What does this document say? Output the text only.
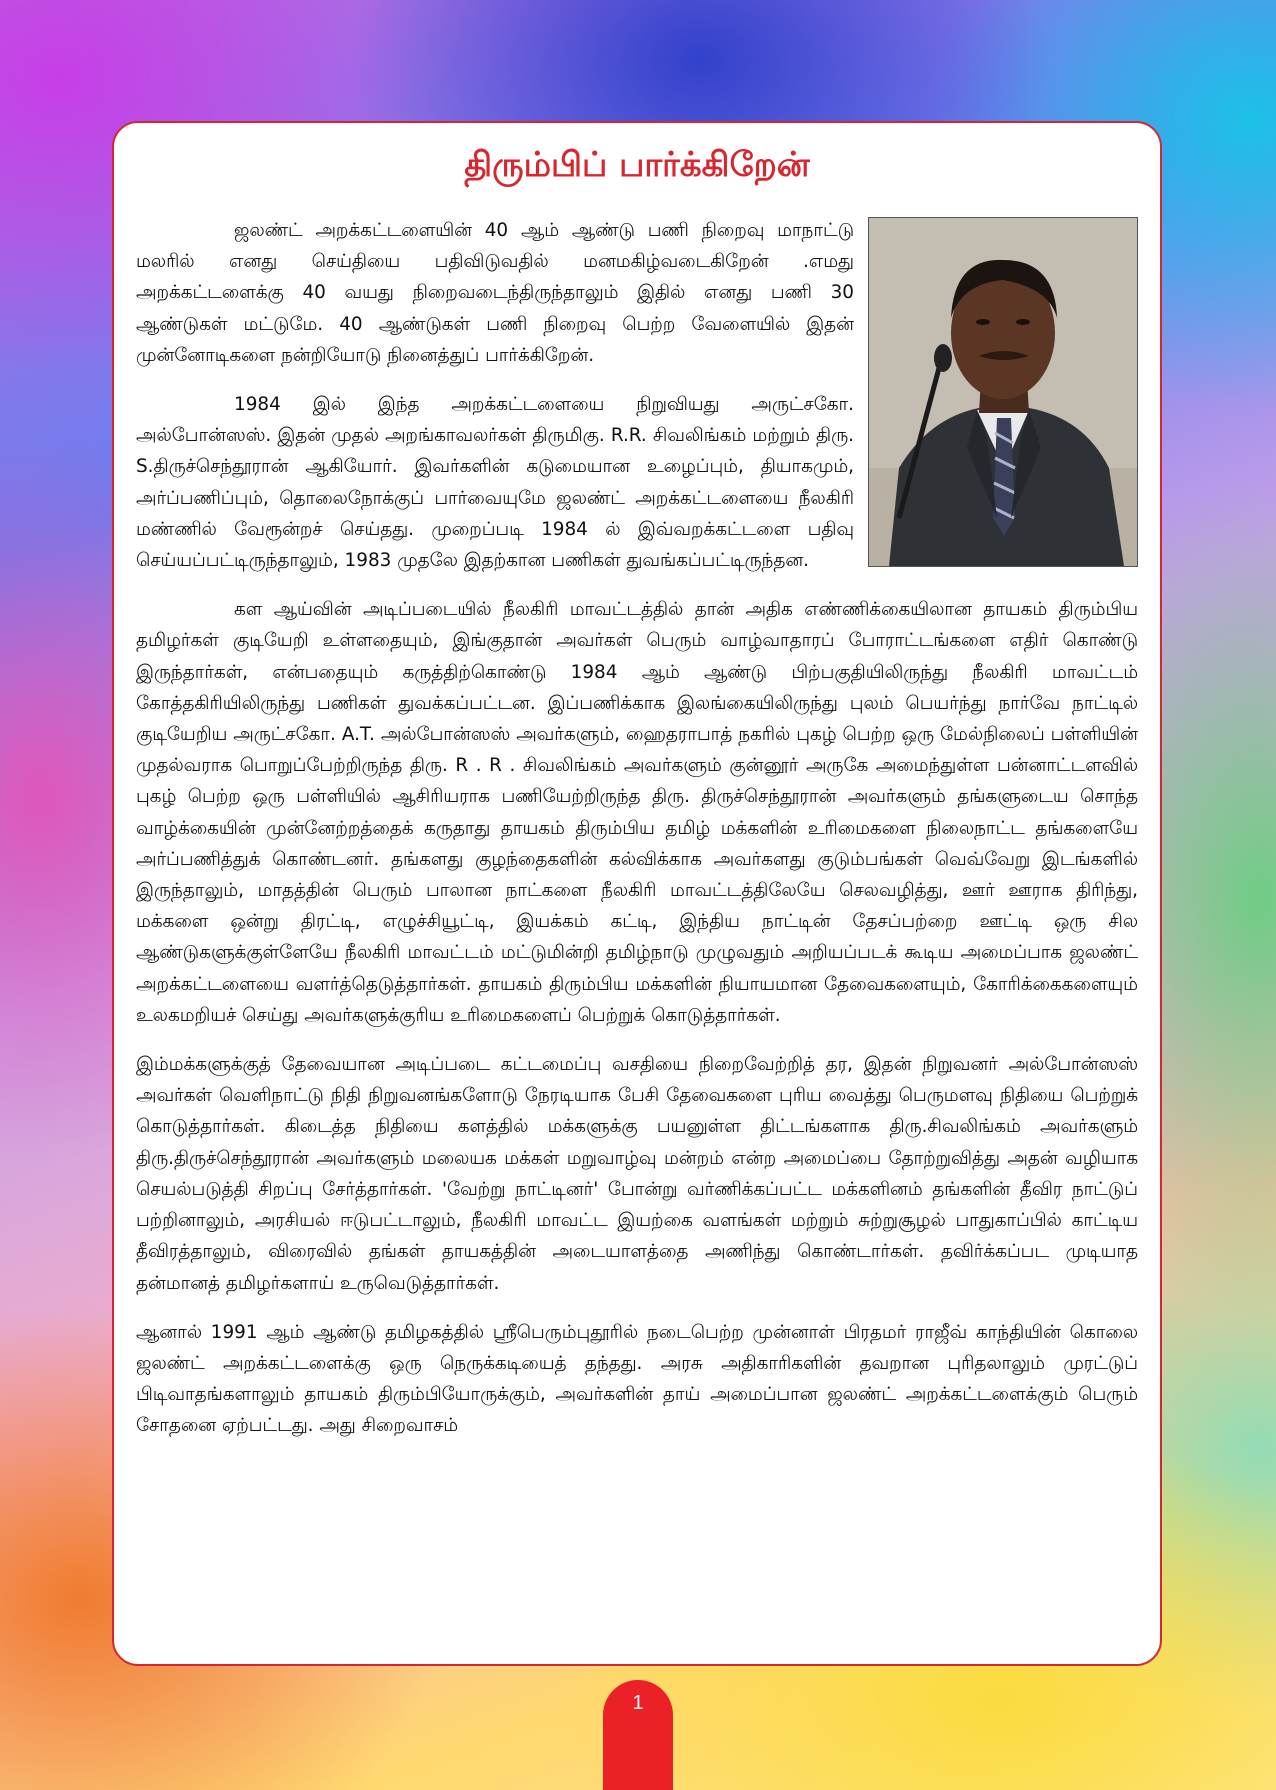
திரும்பிப் பார்க்கிறேன்

ஜலண்ட் அறக்கட்டளையின் 40 ஆம் ஆண்டு பணி நிறைவு மாநாட்டு மலரில் எனது செய்தியை பதிவிடுவதில் மனமகிழ்வடைகிறேன் .எமது அறக்கட்டளைக்கு 40 வயது நிறைவடைந்திருந்தாலும் இதில் எனது பணி 30 ஆண்டுகள் மட்டுமே. 40 ஆண்டுகள் பணி நிறைவு பெற்ற வேளையில் இதன் முன்னோடிகளை நன்றியோடு நினைத்துப் பார்க்கிறேன்.

1984 இல் இந்த அறக்கட்டளையை நிறுவியது அருட்சகோ. அல்போன்ஸஸ். இதன் முதல் அறங்காவலர்கள் திருமிகு. R.R. சிவலிங்கம் மற்றும் திரு. S.திருச்செந்தூரான் ஆகியோர். இவர்களின் கடுமையான உழைப்பும், தியாகமும், அர்ப்பணிப்பும், தொலைநோக்குப் பார்வையுமே ஜலண்ட் அறக்கட்டளையை நீலகிரி மண்ணில் வேரூன்றச் செய்தது. முறைப்படி 1984 ல் இவ்வறக்கட்டளை பதிவு செய்யப்பட்டிருந்தாலும், 1983 முதலே இதற்கான பணிகள் துவங்கப்பட்டிருந்தன.

கள ஆய்வின் அடிப்படையில் நீலகிரி மாவட்டத்தில் தான் அதிக எண்ணிக்கையிலான தாயகம் திரும்பிய தமிழர்கள் குடியேறி உள்ளதையும், இங்குதான் அவர்கள் பெரும் வாழ்வாதாரப் போராட்டங்களை எதிர் கொண்டு இருந்தார்கள், என்பதையும் கருத்திற்கொண்டு 1984 ஆம் ஆண்டு பிற்பகுதியிலிருந்து நீலகிரி மாவட்டம் கோத்தகிரியிலிருந்து பணிகள் துவக்கப்பட்டன. இப்பணிக்காக இலங்கையிலிருந்து புலம் பெயர்ந்து நார்வே நாட்டில் குடியேறிய அருட்சகோ. A.T. அல்போன்ஸஸ் அவர்களும், ஹைதராபாத் நகரில் புகழ் பெற்ற ஒரு மேல்நிலைப் பள்ளியின் முதல்வராக பொறுப்பேற்றிருந்த திரு. R . R . சிவலிங்கம் அவர்களும் குன்னூர் அருகே அமைந்துள்ள பன்னாட்டளவில் புகழ் பெற்ற ஒரு பள்ளியில் ஆசிரியராக பணியேற்றிருந்த திரு. திருச்செந்தூரான் அவர்களும் தங்களுடைய சொந்த வாழ்க்கையின் முன்னேற்றத்தைக் கருதாது தாயகம் திரும்பிய தமிழ் மக்களின் உரிமைகளை நிலைநாட்ட தங்களையே அர்ப்பணித்துக் கொண்டனர். தங்களது குழந்தைகளின் கல்விக்காக அவர்களது குடும்பங்கள் வெவ்வேறு இடங்களில் இருந்தாலும், மாதத்தின் பெரும் பாலான நாட்களை நீலகிரி மாவட்டத்திலேயே செலவழித்து, ஊர் ஊராக திரிந்து, மக்களை ஒன்று திரட்டி, எழுச்சியூட்டி, இயக்கம் கட்டி, இந்திய நாட்டின் தேசப்பற்றை ஊட்டி ஒரு சில ஆண்டுகளுக்குள்ளேயே நீலகிரி மாவட்டம் மட்டுமின்றி தமிழ்நாடு முழுவதும் அறியப்படக் கூடிய அமைப்பாக ஜலண்ட் அறக்கட்டளையை வளர்த்தெடுத்தார்கள். தாயகம் திரும்பிய மக்களின் நியாயமான தேவைகளையும், கோரிக்கைகளையும் உலகமறியச் செய்து அவர்களுக்குரிய உரிமைகளைப் பெற்றுக் கொடுத்தார்கள்.

இம்மக்களுக்குத் தேவையான அடிப்படை கட்டமைப்பு வசதியை நிறைவேற்றித் தர, இதன் நிறுவனர் அல்போன்ஸஸ் அவர்கள் வெளிநாட்டு நிதி நிறுவனங்களோடு நேரடியாக பேசி தேவைகளை புரிய வைத்து பெருமளவு நிதியை பெற்றுக் கொடுத்தார்கள். கிடைத்த நிதியை களத்தில் மக்களுக்கு பயனுள்ள திட்டங்களாக திரு.சிவலிங்கம் அவர்களும் திரு.திருச்செந்தூரான் அவர்களும் மலையக மக்கள் மறுவாழ்வு மன்றம் என்ற அமைப்பை தோற்றுவித்து அதன் வழியாக செயல்படுத்தி சிறப்பு சேர்த்தார்கள். 'வேற்று நாட்டினர்' போன்று வர்ணிக்கப்பட்ட மக்களினம் தங்களின் தீவிர நாட்டுப் பற்றினாலும், அரசியல் ஈடுபட்டாலும், நீலகிரி மாவட்ட இயற்கை வளங்கள் மற்றும் சுற்றுசூழல் பாதுகாப்பில் காட்டிய தீவிரத்தாலும், விரைவில் தங்கள் தாயகத்தின் அடையாளத்தை அணிந்து கொண்டார்கள். தவிர்க்கப்பட முடியாத தன்மானத் தமிழர்களாய் உருவெடுத்தார்கள்.

ஆனால் 1991 ஆம் ஆண்டு தமிழகத்தில் ஸ்ரீபெரும்புதூரில் நடைபெற்ற முன்னாள் பிரதமர் ராஜீவ் காந்தியின் கொலை ஜலண்ட் அறக்கட்டளைக்கு ஒரு நெருக்கடியைத் தந்தது. அரசு அதிகாரிகளின் தவறான புரிதலாலும் முரட்டுப் பிடிவாதங்களாலும் தாயகம் திரும்பியோருக்கும், அவர்களின் தாய் அமைப்பான ஜலண்ட் அறக்கட்டளைக்கும் பெரும் சோதனை ஏற்பட்டது. அது சிறைவாசம்

1
